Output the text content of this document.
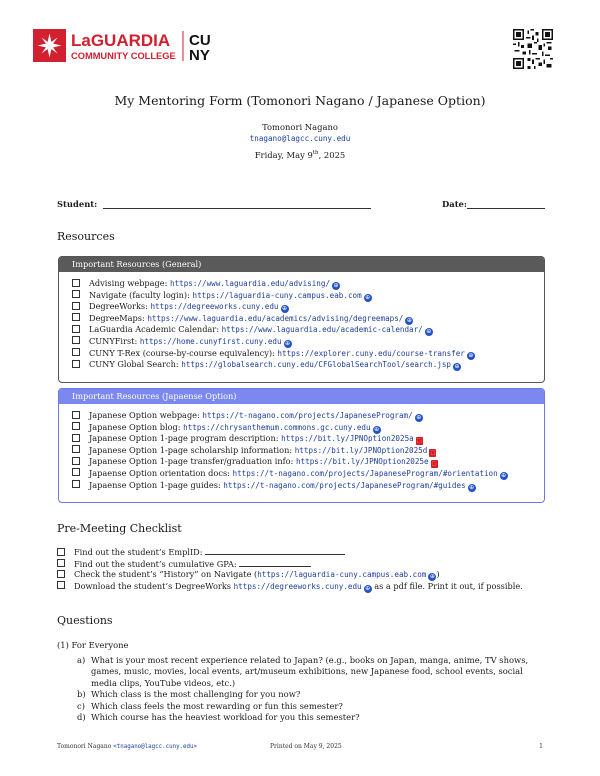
LaGUARDIA
COMMUNITY COLLEGE
CU
NY
My Mentoring Form (Tomonori Nagano / Japanese Option)
Tomonori Nagano
tnagano@lagcc.cuny.edu
Friday, May 9th, 2025
Student:	Date:
Resources
Important Resources (General)
Advising webpage: https://www.laguardia.edu/advising/ ⊕
Navigate (faculty login): https://laguardia-cuny.campus.eab.com ⊕
DegreeWorks: https://degreeworks.cuny.edu ⊕
DegreeMaps: https://www.laguardia.edu/academics/advising/degreemaps/ ⊕
LaGuardia Academic Calendar: https://www.laguardia.edu/academic-calendar/ ⊕
CUNYFirst: https://home.cunyfirst.cuny.edu ⊕
CUNY T-Rex (course-by-course equivalency): https://explorer.cuny.edu/course-transfer ⊕
CUNY Global Search: https://globalsearch.cuny.edu/CFGlobalSearchTool/search.jsp ⊕
Important Resources (Japaense Option)
Japanese Option webpage: https://t-nagano.com/projects/JapaneseProgram/ ⊕
Japanese Option blog: https://chrysanthemum.commons.gc.cuny.edu ⊕
Japanese Option 1-page program description: https://bit.ly/JPNOption2025a ⬚
Japanese Option 1-page scholarship information: https://bit.ly/JPNOption2025d ⬚
Japanese Option 1-page transfer/graduation info: https://bit.ly/JPNOption2025e ⬚
Japaense Option orientation docs: https://t-nagano.com/projects/JapaneseProgram/#orientation ⊕
Japaense Option 1-page guides: https://t-nagano.com/projects/JapaneseProgram/#guides ⊕
Pre-Meeting Checklist
Find out the student’s EmplID:
Find out the student’s cumulative GPA:
Check the student’s “History” on Navigate (https://laguardia-cuny.campus.eab.com ⊕)
Download the student’s DegreeWorks https://degreeworks.cuny.edu ⊕ as a pdf file. Print it out, if possible.
Questions
(1) For Everyone
a) What is your most recent experience related to Japan? (e.g., books on Japan, manga, anime, TV shows, games, music, movies, local events, art/museum exhibitions, new Japanese food, school events, social media clips, YouTube videos, etc.)
b) Which class is the most challenging for you now?
c) Which class feels the most rewarding or fun this semester?
d) Which course has the heaviest workload for you this semester?
Tomonori Nagano <tnagano@lagcc.cuny.edu>	Printed on May 9, 2025	1
